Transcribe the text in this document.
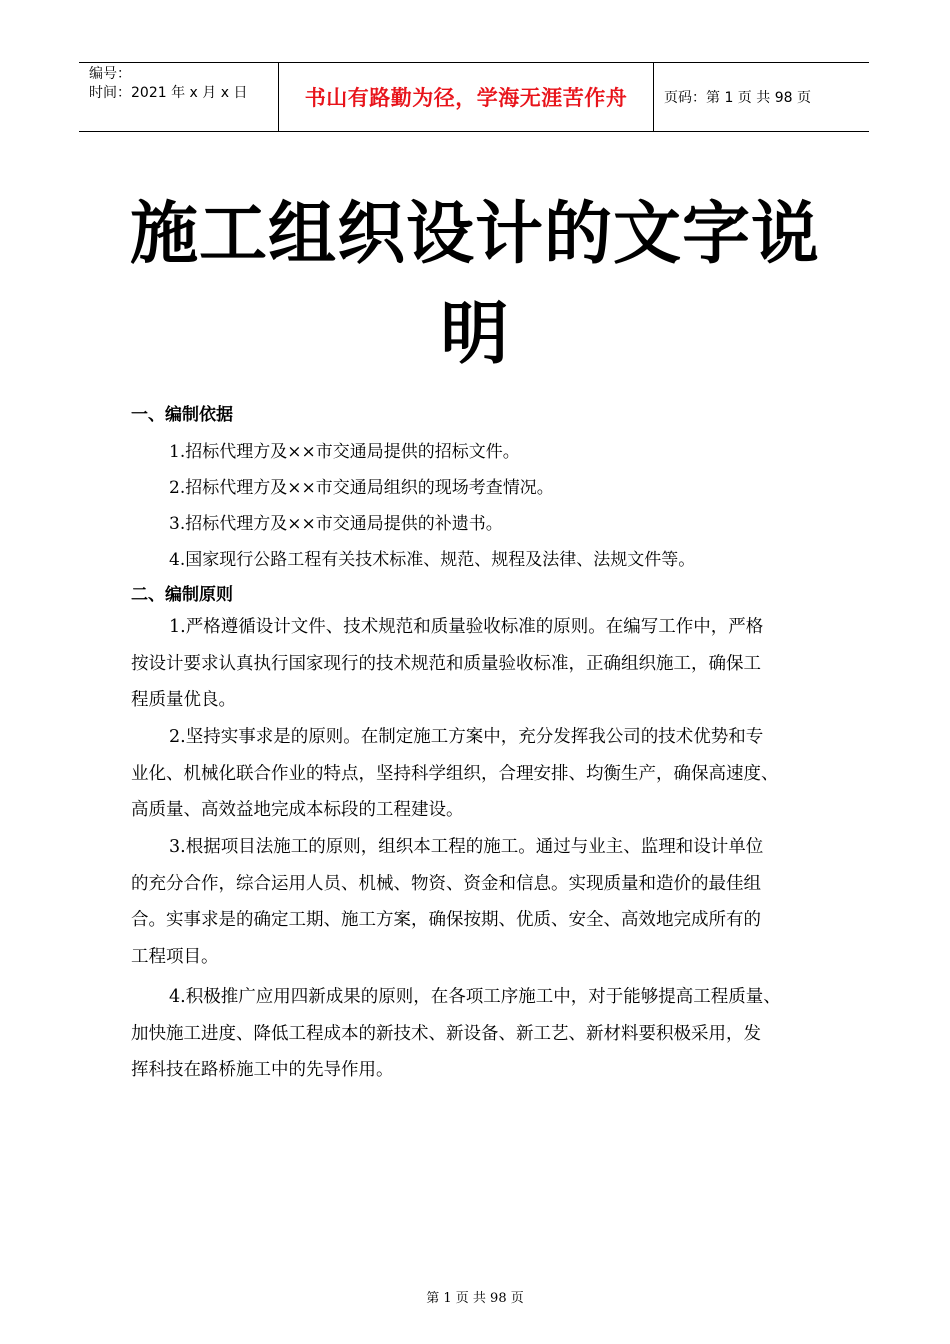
编号：
时间：2021 年 x 月 x 日	书山有路勤为径，学海无涯苦作舟	页码：第 1 页 共 98 页
施工组织设计的文字说
明
一、编制依据
1.招标代理方及××市交通局提供的招标文件。
2.招标代理方及××市交通局组织的现场考查情况。
3.招标代理方及××市交通局提供的补遗书。
4.国家现行公路工程有关技术标准、规范、规程及法律、法规文件等。
二、编制原则
1.严格遵循设计文件、技术规范和质量验收标准的原则。在编写工作中，严格
按设计要求认真执行国家现行的技术规范和质量验收标准，正确组织施工，确保工
程质量优良。
2.坚持实事求是的原则。在制定施工方案中，充分发挥我公司的技术优势和专
业化、机械化联合作业的特点，坚持科学组织，合理安排、均衡生产，确保高速度、
高质量、高效益地完成本标段的工程建设。
3.根据项目法施工的原则，组织本工程的施工。通过与业主、监理和设计单位
的充分合作，综合运用人员、机械、物资、资金和信息。实现质量和造价的最佳组
合。实事求是的确定工期、施工方案，确保按期、优质、安全、高效地完成所有的
工程项目。
4.积极推广应用四新成果的原则，在各项工序施工中，对于能够提高工程质量、
加快施工进度、降低工程成本的新技术、新设备、新工艺、新材料要积极采用，发
挥科技在路桥施工中的先导作用。
第 1 页 共 98 页
